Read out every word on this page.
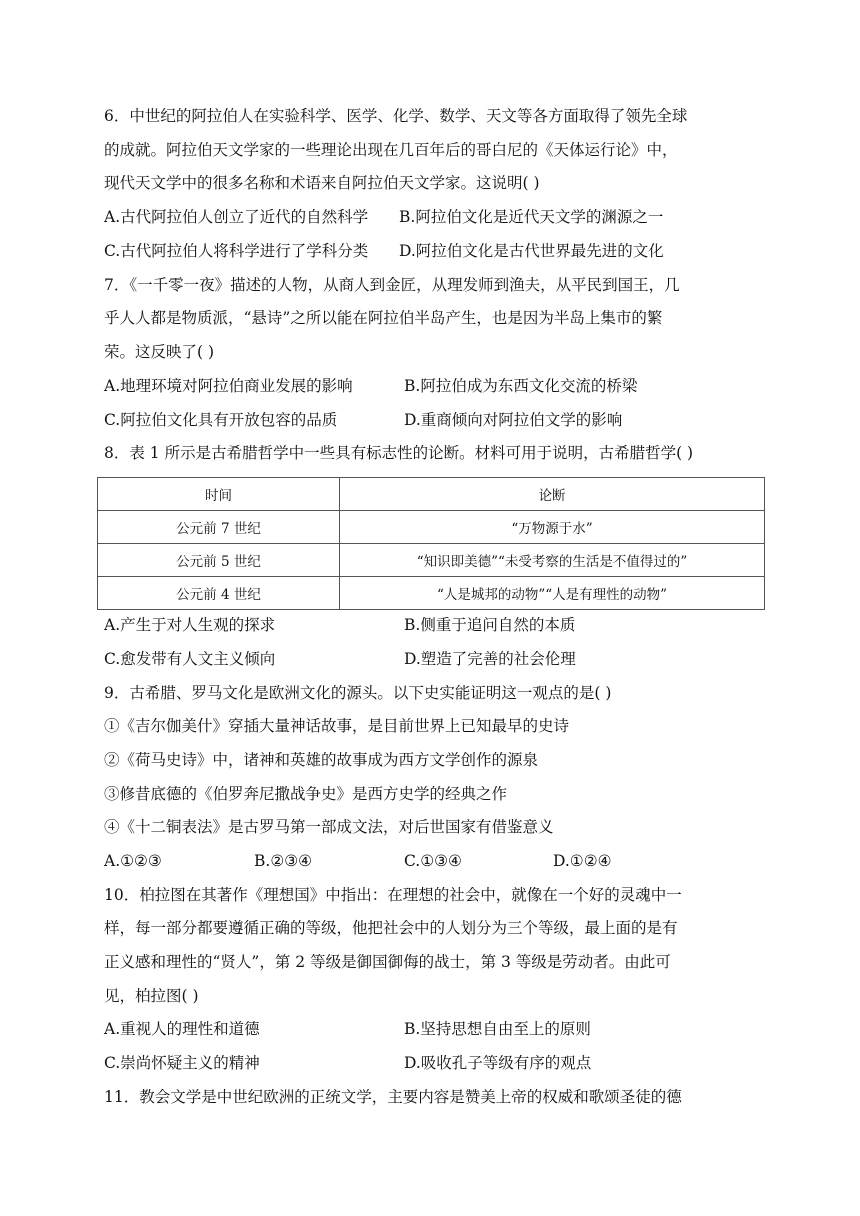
6．中世纪的阿拉伯人在实验科学、医学、化学、数学、天文等各方面取得了领先全球
的成就。阿拉伯天文学家的一些理论出现在几百年后的哥白尼的《天体运行论》中，
现代天文学中的很多名称和术语来自阿拉伯天文学家。这说明( )
A.古代阿拉伯人创立了近代的自然科学 B.阿拉伯文化是近代天文学的渊源之一
C.古代阿拉伯人将科学进行了学科分类 D.阿拉伯文化是古代世界最先进的文化
7．《一千零一夜》描述的人物，从商人到金匠，从理发师到渔夫，从平民到国王，几
乎人人都是物质派，“悬诗”之所以能在阿拉伯半岛产生，也是因为半岛上集市的繁
荣。这反映了( )
A.地理环境对阿拉伯商业发展的影响	B.阿拉伯成为东西文化交流的桥梁
C.阿拉伯文化具有开放包容的品质	D.重商倾向对阿拉伯文学的影响
8．表 1 所示是古希腊哲学中一些具有标志性的论断。材料可用于说明，古希腊哲学( )
时间	论断
公元前 7 世纪	“万物源于水”
公元前 5 世纪	“知识即美德”“未受考察的生活是不值得过的”
公元前 4 世纪	“人是城邦的动物”“人是有理性的动物”
A.产生于对人生观的探求	B.侧重于追问自然的本质
C.愈发带有人文主义倾向	D.塑造了完善的社会伦理
9．古希腊、罗马文化是欧洲文化的源头。以下史实能证明这一观点的是( )
①《吉尔伽美什》穿插大量神话故事，是目前世界上已知最早的史诗
②《荷马史诗》中，诸神和英雄的故事成为西方文学创作的源泉
③修昔底德的《伯罗奔尼撒战争史》是西方史学的经典之作
④《十二铜表法》是古罗马第一部成文法，对后世国家有借鉴意义
A.①②③	B.②③④	C.①③④	D.①②④
10．柏拉图在其著作《理想国》中指出：在理想的社会中，就像在一个好的灵魂中一
样，每一部分都要遵循正确的等级，他把社会中的人划分为三个等级，最上面的是有
正义感和理性的“贤人”，第 2 等级是御国御侮的战士，第 3 等级是劳动者。由此可
见，柏拉图( )
A.重视人的理性和道德	B.坚持思想自由至上的原则
C.崇尚怀疑主义的精神	D.吸收孔子等级有序的观点
11．教会文学是中世纪欧洲的正统文学，主要内容是赞美上帝的权威和歌颂圣徒的德
